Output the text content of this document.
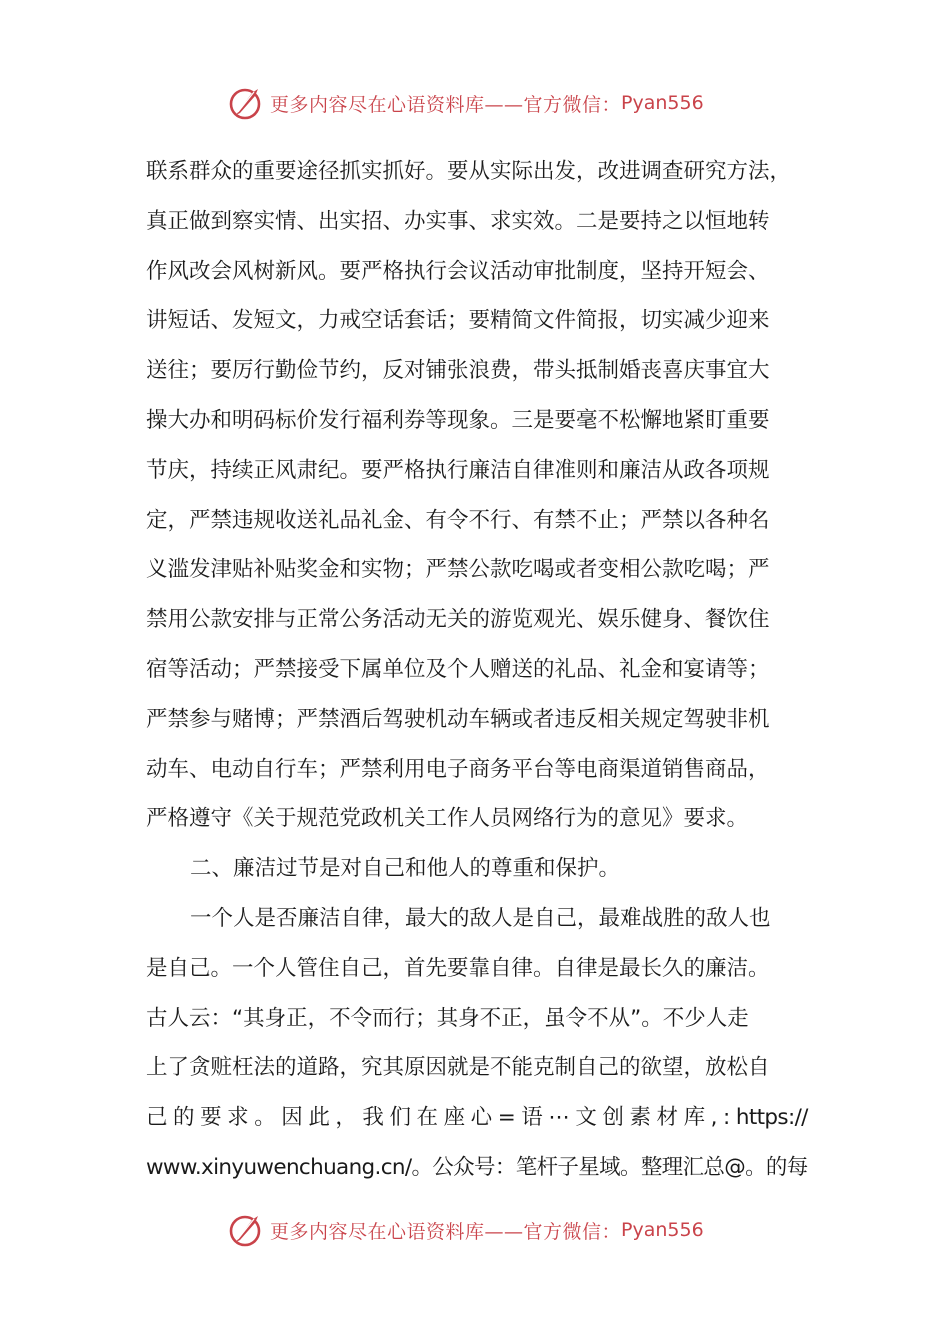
更多内容尽在心语资料库——官方微信： Pyan556
联系群众的重要途径抓实抓好。要从实际出发，改进调查研究方法，
真正做到察实情、出实招、办实事、求实效。二是要持之以恒地转
作风改会风树新风。要严格执行会议活动审批制度，坚持开短会、
讲短话、发短文，力戒空话套话；要精简文件简报，切实减少迎来
送往；要厉行勤俭节约，反对铺张浪费，带头抵制婚丧喜庆事宜大
操大办和明码标价发行福利券等现象。三是要毫不松懈地紧盯重要
节庆，持续正风肃纪。要严格执行廉洁自律准则和廉洁从政各项规
定，严禁违规收送礼品礼金、有令不行、有禁不止；严禁以各种名
义滥发津贴补贴奖金和实物；严禁公款吃喝或者变相公款吃喝；严
禁用公款安排与正常公务活动无关的游览观光、娱乐健身、餐饮住
宿等活动；严禁接受下属单位及个人赠送的礼品、礼金和宴请等；
严禁参与赌博；严禁酒后驾驶机动车辆或者违反相关规定驾驶非机
动车、电动自行车；严禁利用电子商务平台等电商渠道销售商品，
严格遵守《关于规范党政机关工作人员网络行为的意见》要求。
二、廉洁过节是对自己和他人的尊重和保护。
一个人是否廉洁自律，最大的敌人是自己，最难战胜的敌人也
是自己。一个人管住自己，首先要靠自律。自律是最长久的廉洁。
古人云：“其身正，不令而行；其身不正，虽令不从”。不少人走
上了贪赃枉法的道路，究其原因就是不能克制自己的欲望，放松自
己 的 要 求 。 因 此 ， 我 们 在 座 心 = 语 ⋯ 文 创 素 材 库 , : https://
www.xinyuwenchuang.cn/。公众号：笔杆子星域。整理汇总@。的每
更多内容尽在心语资料库——官方微信： Pyan556
